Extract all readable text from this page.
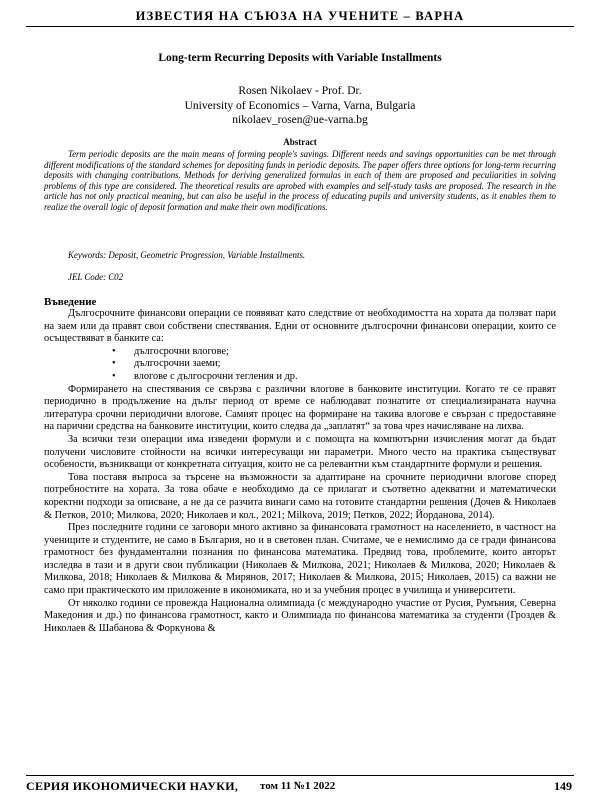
ИЗВЕСТИЯ НА СЪЮЗА НА УЧЕНИТЕ – ВАРНА
Long-term Recurring Deposits with Variable Installments
Rosen Nikolaev - Prof. Dr.
University of Economics – Varna, Varna, Bulgaria
nikolaev_rosen@ue-varna.bg
Abstract
Term periodic deposits are the main means of forming people's savings. Different needs and savings opportunities can be met through different modifications of the standard schemes for depositing funds in periodic deposits. The paper offers three options for long-term recurring deposits with changing contributions. Methods for deriving generalized formulas in each of them are proposed and peculiarities in solving problems of this type are considered. The theoretical results are aprobed with examples and self-study tasks are proposed. The research in the article has not only practical meaning, but can also be useful in the process of educating pupils and university students, as it enables them to realize the overall logic of deposit formation and make their own modifications.
Keywords: Deposit, Geometric Progression, Variable Installments.
JEL Code: C02
Въведение

Дългосрочните финансови операции се появяват като следствие от необходимостта на хората да ползват пари на заем или да правят свои собствени спестявания. Едни от основните дългосрочни финансови операции, които се осъществяват в банките са:

• дългосрочни влогове;
• дългосрочни заеми;
• влогове с дългосрочни тегления и др.

Формирането на спестявания се свързва с различни влогове в банковите институции. Когато те се правят периодично в продължение на дълъг период от време се наблюдават познатите от специализираната научна литература срочни периодични влогове. Самият процес на формиране на такива влогове е свързан с предоставяне на парични средства на банковите институции, които следва да „заплатят“ за това чрез начисляване на лихва.

За всички тези операции има изведени формули и с помощта на компютърни изчисления могат да бъдат получени числовите стойности на всички интересуващи ни параметри. Много често на практика съществуват особености, възникващи от конкретната ситуация, които не са релевантни към стандартните формули и решения.

Това поставя въпроса за търсене на възможности за адаптиране на срочните периодични влогове според потребностите на хората. За това обаче е необходимо да се прилагат и съответно адекватни и математически коректни подходи за описване, а не да се разчита винаги само на готовите стандартни решения (Дочев & Николаев & Петков, 2010; Милкова, 2020; Николаев и кол., 2021; Milkova, 2019; Петков, 2022; Йорданова, 2014).

През последните години се заговори много активно за финансовата грамотност на населението, в частност на учениците и студентите, не само в България, но и в световен план. Считаме, че е немислимо да се гради финансова грамотност без фундаментални познания по финансова математика. Предвид това, проблемите, които авторът изследва в тази и в други свои публикации (Николаев & Милкова, 2021; Николаев & Милкова, 2020; Николаев & Милкова, 2018; Николаев & Милкова & Мирянов, 2017; Николаев & Милкова, 2015; Николаев, 2015) са важни не само при практическото им приложение в икономиката, но и за учебния процес в училища и университети.

От няколко години се провежда Национална олимпиада (с международно участие от Русия, Румъния, Северна Македония и др.) по финансова грамотност, както и Олимпиада по финансова математика за студенти (Гроздев & Николаев & Шабанова & Форкунова &

СЕРИЯ ИКОНОМИЧЕСКИ НАУКИ, том 11 №1 2022	149
